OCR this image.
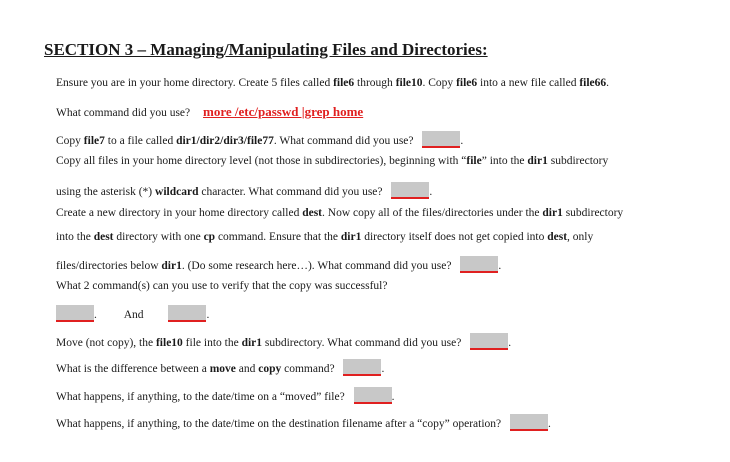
SECTION 3 – Managing/Manipulating Files and Directories:
Ensure you are in your home directory. Create 5 files called file6 through file10. Copy file6 into a new file called file66.
What command did you use? more /etc/passwd |grep home
Copy file7 to a file called dir1/dir2/dir3/file77. What command did you use?	.
Copy all files in your home directory level (not those in subdirectories), beginning with “file” into the dir1 subdirectory
using the asterisk (*) wildcard character. What command did you use?	.
Create a new directory in your home directory called dest. Now copy all of the files/directories under the dir1 subdirectory
into the dest directory with one cp command. Ensure that the dir1 directory itself does not get copied into dest, only
files/directories below dir1. (Do some research here…). What command did you use?	.
What 2 command(s) can you use to verify that the copy was successful?
. And	.
Move (not copy), the file10 file into the dir1 subdirectory. What command did you use?	.
What is the difference between a move and copy command?	.
What happens, if anything, to the date/time on a “moved” file?	.
What happens, if anything, to the date/time on the destination filename after a “copy” operation?	.
